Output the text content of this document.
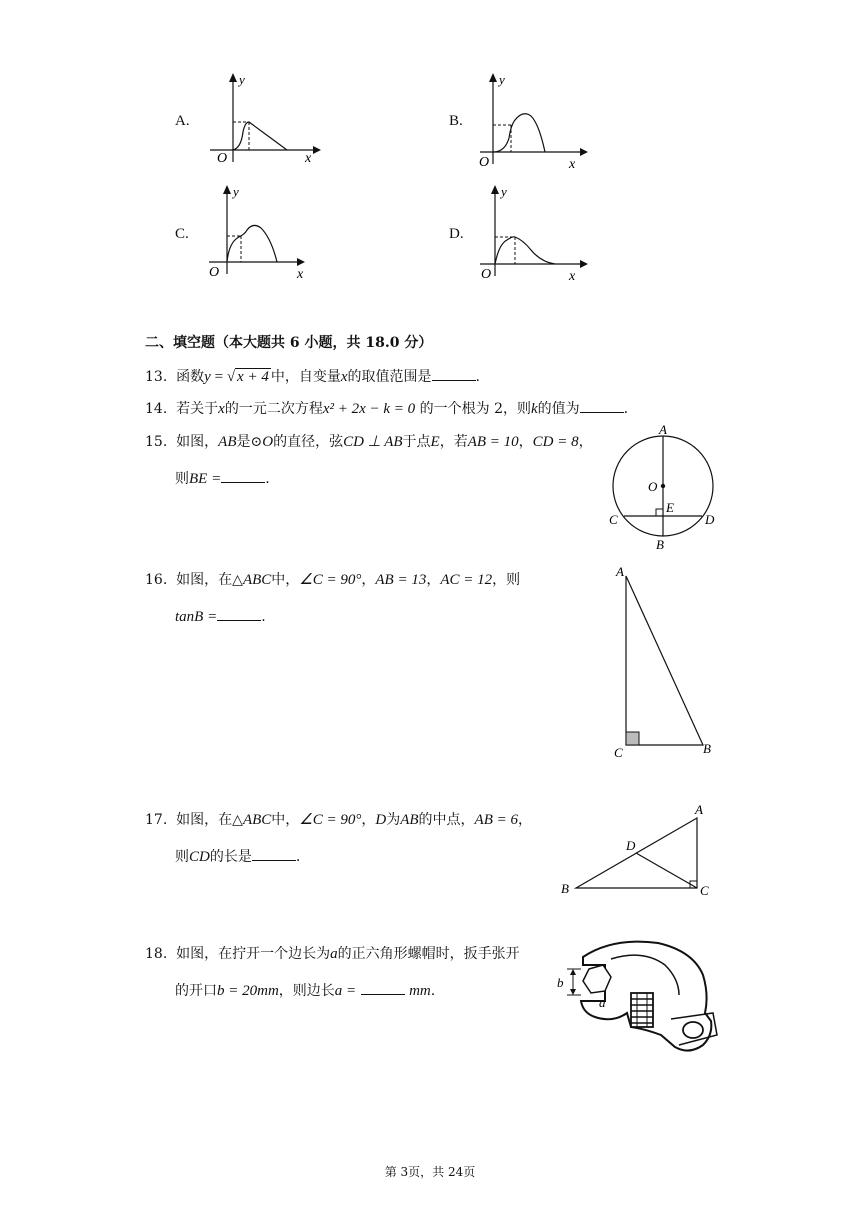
A.
y
O	x
B.
y
O	x
C.
y
O	x
D.
y
O	x
二、填空题（本大题共 6 小题，共 18.0 分）
13. 函数y = √ x + 4 中，自变量x的取值范围是	.
14. 若关于x的一元二次方程x² + 2x − k = 0 的一个根为 2，则k的值为	.
15. 如图，AB是⊙O的直径，弦CD ⊥ AB于点E，若AB = 10，CD = 8，
则BE =	.
A
O
E
C	D
B
16. 如图，在△ABC中，∠C = 90°，AB = 13，AC = 12，则
tanB =	.
A
C	B
17. 如图，在△ABC中，∠C = 90°，D为AB的中点，AB = 6，
则CD的长是	.
A
D
B	C
18. 如图，在拧开一个边长为a的正六角形螺帽时，扳手张开
的开口b = 20mm，则边长a =	mm.
b
a
第 3页，共 24页
